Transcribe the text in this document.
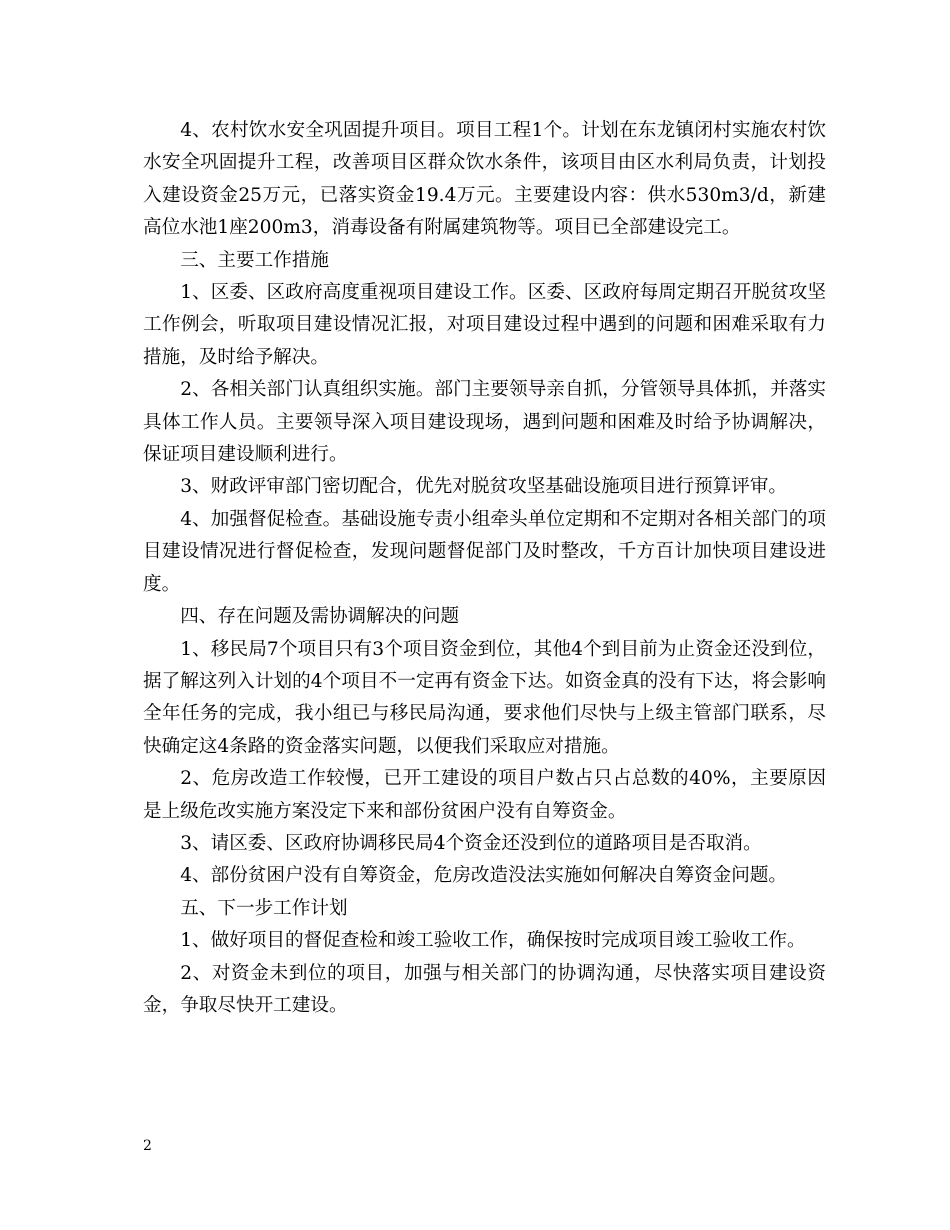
4、农村饮水安全巩固提升项目。项目工程1个。计划在东龙镇闭村实施农村饮水安全巩固提升工程，改善项目区群众饮水条件，该项目由区水利局负责，计划投入建设资金25万元，已落实资金19.4万元。主要建设内容：供水530m3/d，新建高位水池1座200m3，消毒设备有附属建筑物等。项目已全部建设完工。

三、主要工作措施

1、区委、区政府高度重视项目建设工作。区委、区政府每周定期召开脱贫攻坚工作例会，听取项目建设情况汇报，对项目建设过程中遇到的问题和困难采取有力措施，及时给予解决。

2、各相关部门认真组织实施。部门主要领导亲自抓，分管领导具体抓，并落实具体工作人员。主要领导深入项目建设现场，遇到问题和困难及时给予协调解决，保证项目建设顺利进行。

3、财政评审部门密切配合，优先对脱贫攻坚基础设施项目进行预算评审。

4、加强督促检查。基础设施专责小组牵头单位定期和不定期对各相关部门的项目建设情况进行督促检查，发现问题督促部门及时整改，千方百计加快项目建设进度。

四、存在问题及需协调解决的问题

1、移民局7个项目只有3个项目资金到位，其他4个到目前为止资金还没到位，据了解这列入计划的4个项目不一定再有资金下达。如资金真的没有下达，将会影响全年任务的完成，我小组已与移民局沟通，要求他们尽快与上级主管部门联系，尽快确定这4条路的资金落实问题，以便我们采取应对措施。

2、危房改造工作较慢，已开工建设的项目户数占只占总数的40%，主要原因是上级危改实施方案没定下来和部份贫困户没有自筹资金。

3、请区委、区政府协调移民局4个资金还没到位的道路项目是否取消。

4、部份贫困户没有自筹资金，危房改造没法实施如何解决自筹资金问题。

五、下一步工作计划

1、做好项目的督促查检和竣工验收工作，确保按时完成项目竣工验收工作。

2、对资金未到位的项目，加强与相关部门的协调沟通，尽快落实项目建设资金，争取尽快开工建设。

2
